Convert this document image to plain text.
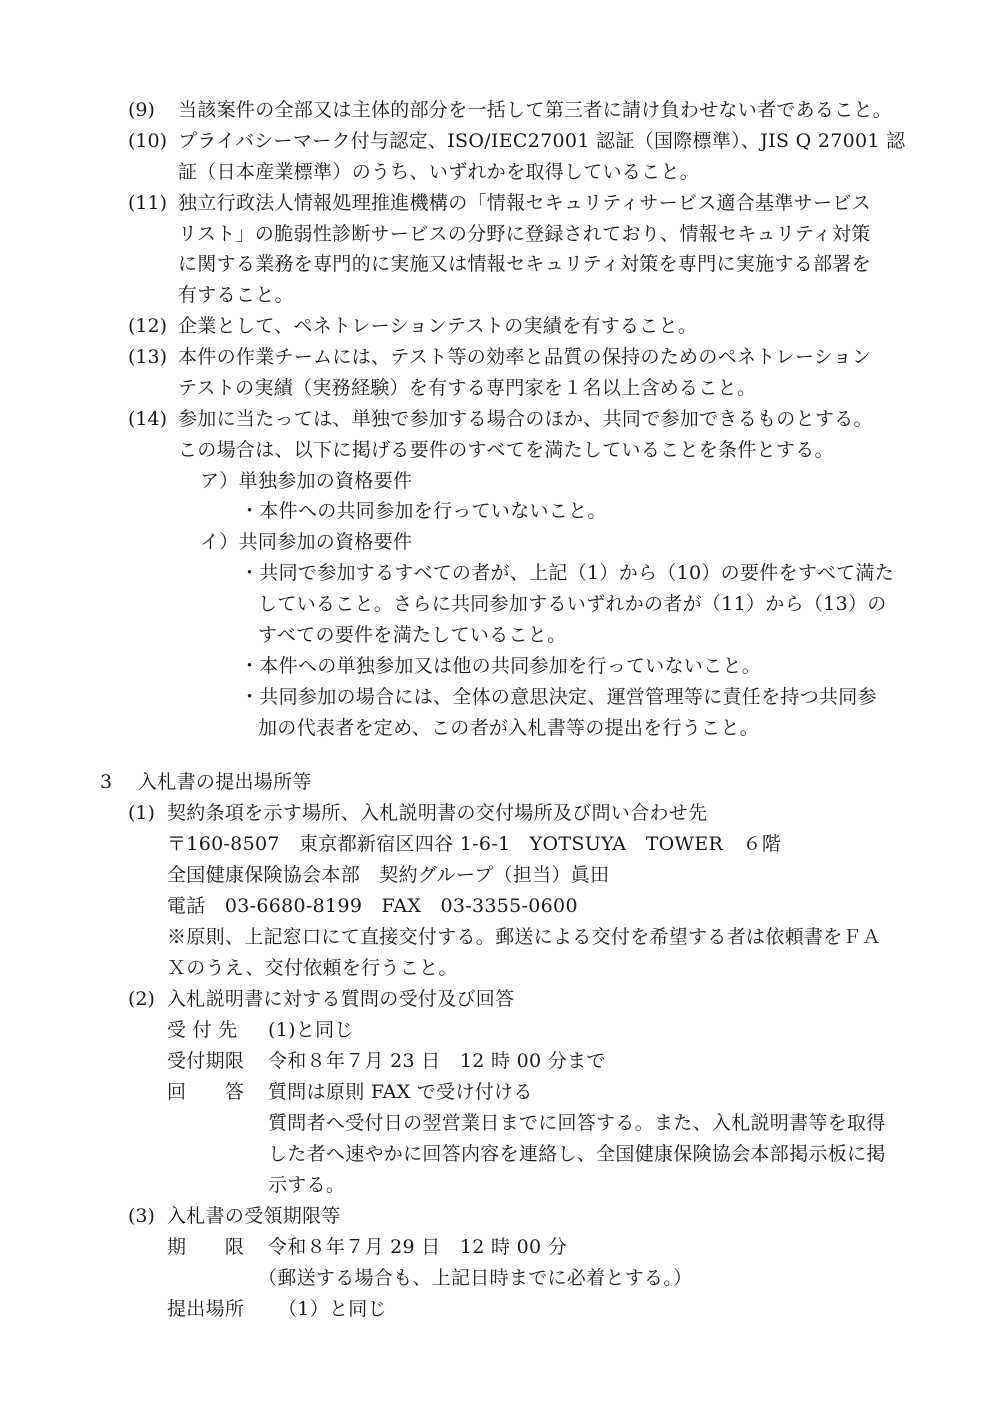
(9) 当該案件の全部又は主体的部分を一括して第三者に請け負わせない者であること。
(10) プライバシーマーク付与認定、ISO/IEC27001 認証（国際標準）、JIS Q 27001 認
証（日本産業標準）のうち、いずれかを取得していること。
(11) 独立行政法人情報処理推進機構の「情報セキュリティサービス適合基準サービス
リスト」の脆弱性診断サービスの分野に登録されており、情報セキュリティ対策
に関する業務を専門的に実施又は情報セキュリティ対策を専門に実施する部署を
有すること。
(12) 企業として、ペネトレーションテストの実績を有すること。
(13) 本件の作業チームには、テスト等の効率と品質の保持のためのペネトレーション
テストの実績（実務経験）を有する専門家を１名以上含めること。
(14) 参加に当たっては、単独で参加する場合のほか、共同で参加できるものとする。
この場合は、以下に掲げる要件のすべてを満たしていることを条件とする。
ア）単独参加の資格要件
・本件への共同参加を行っていないこと。
イ）共同参加の資格要件
・共同で参加するすべての者が、上記（1）から（10）の要件をすべて満た
していること。さらに共同参加するいずれかの者が（11）から（13）の
すべての要件を満たしていること。
・本件への単独参加又は他の共同参加を行っていないこと。
・共同参加の場合には、全体の意思決定、運営管理等に責任を持つ共同参
加の代表者を定め、この者が入札書等の提出を行うこと。
3 入札書の提出場所等
(1) 契約条項を示す場所、入札説明書の交付場所及び問い合わせ先
〒160-8507　東京都新宿区四谷 1-6-1　YOTSUYA　TOWER　６階
全国健康保険協会本部　契約グループ（担当）眞田
電話　03-6680-8199　FAX　03-3355-0600
※原則、上記窓口にて直接交付する。郵送による交付を希望する者は依頼書をＦＡ
Ｘのうえ、交付依頼を行うこと。
(2) 入札説明書に対する質問の受付及び回答
受 付 先 (1)と同じ
受付期限 令和８年７月 23 日　12 時 00 分まで
回　　答 質問は原則 FAX で受け付ける
質問者へ受付日の翌営業日までに回答する。また、入札説明書等を取得
した者へ速やかに回答内容を連絡し、全国健康保険協会本部掲示板に掲
示する。
(3) 入札書の受領期限等
期　　限 令和８年７月 29 日　12 時 00 分
（郵送する場合も、上記日時までに必着とする。）
提出場所 （1）と同じ
